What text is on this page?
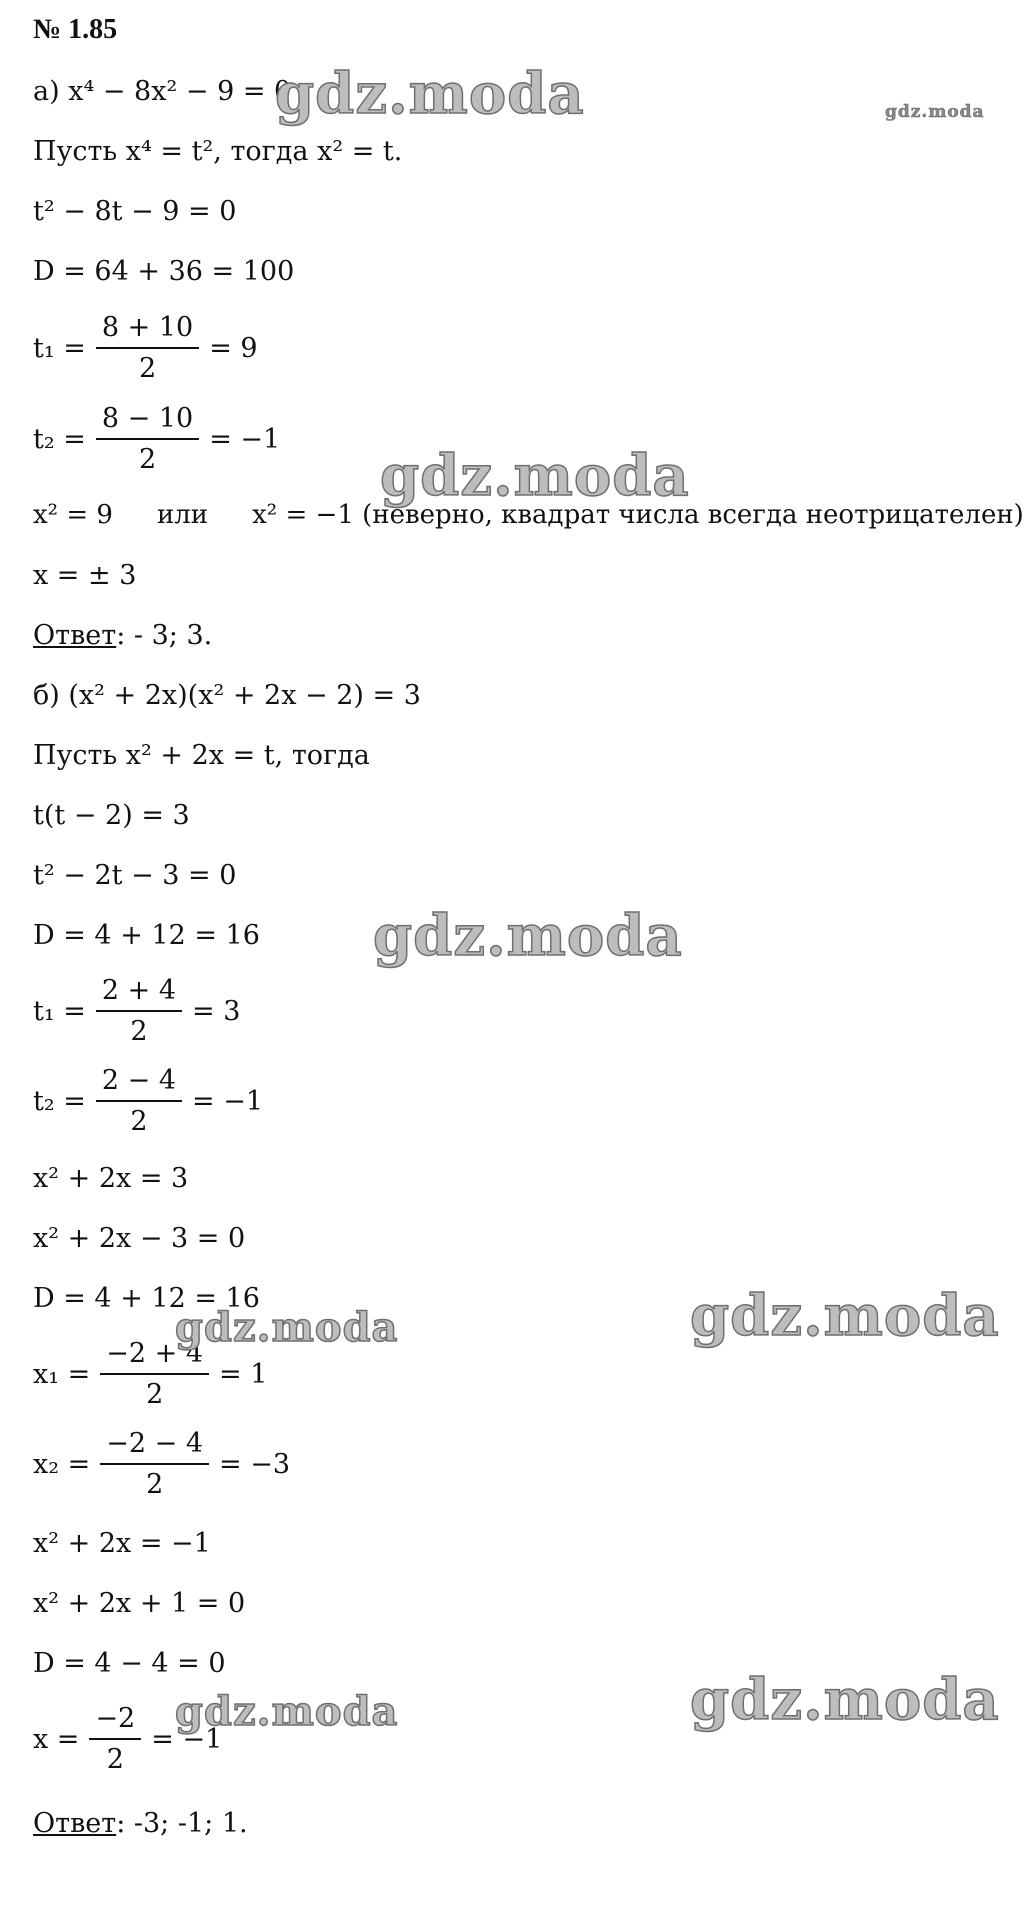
№ 1.85
а) x⁴ − 8x² − 9 = 0
Пусть x⁴ = t², тогда x² = t.
t² − 8t − 9 = 0
D = 64 + 36 = 100
$t_1 = \frac{8 + 10}{2} = 9$
$t_2 = \frac{8 - 10}{2} = -1$
x² = 9 или x² = −1 (неверно, квадрат числа всегда неотрицателен)
x = ± 3
Ответ: - 3; 3.
б) (x² + 2x)(x² + 2x − 2) = 3
Пусть x² + 2x = t, тогда
t(t − 2) = 3
t² − 2t − 3 = 0
D = 4 + 12 = 16
$t_1 = \frac{2 + 4}{2} = 3$
$t_2 = \frac{2 - 4}{2} = -1$
x² + 2x = 3
x² + 2x − 3 = 0
D = 4 + 12 = 16
$x_1 = \frac{-2 + 4}{2} = 1$
$x_2 = \frac{-2 - 4}{2} = -3$
x² + 2x = −1
x² + 2x + 1 = 0
D = 4 − 4 = 0
$x = \frac{-2}{2} = -1$
Ответ: -3; -1; 1.
gdz.moda	gdz.moda
gdz.moda
gdz.moda
gdz.moda
gdz.moda
gdz.moda
gdz.moda
